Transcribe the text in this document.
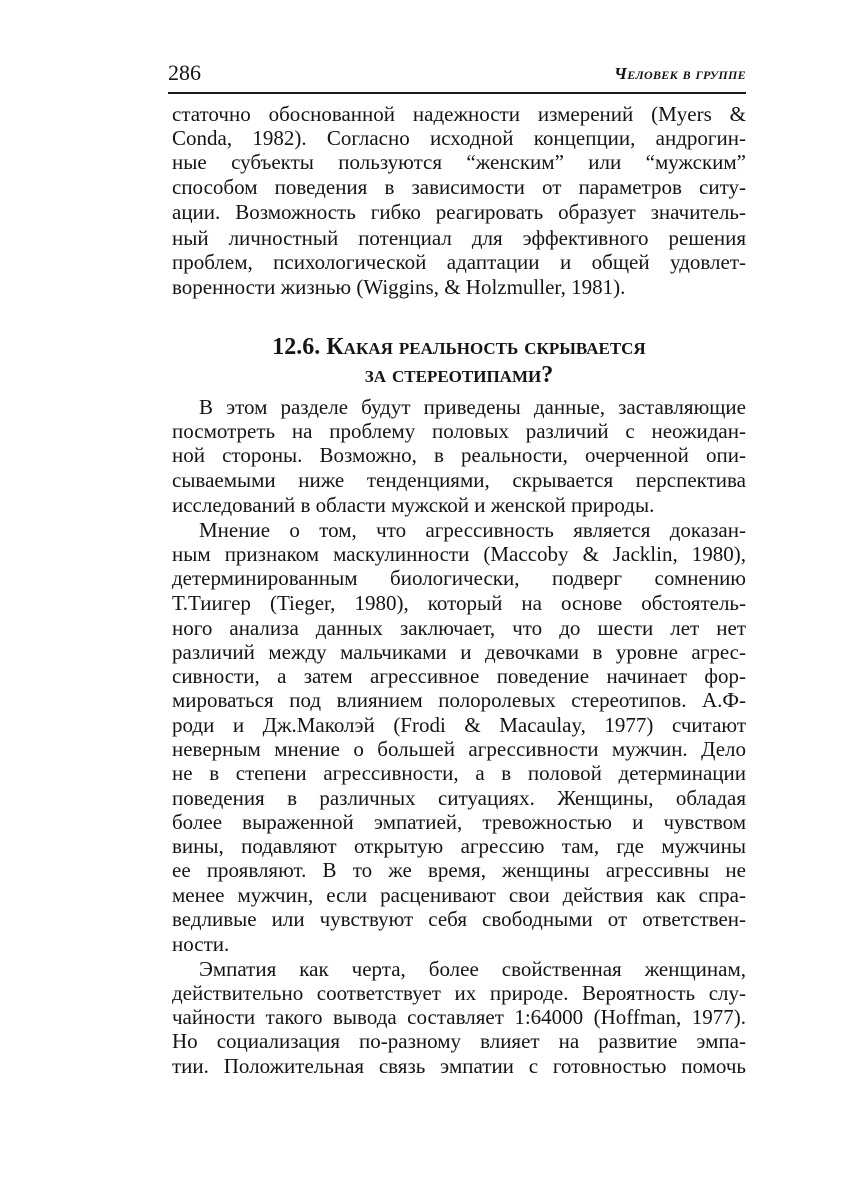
286	Человек в группе
12.6. Какая реальность скрывается
за стереотипами?
статочно обоснованной надежности измерений (Myers &
Conda, 1982). Согласно исходной концепции, андрогин-
ные субъекты пользуются “женским” или “мужским”
способом поведения в зависимости от параметров ситу-
ации. Возможность гибко реагировать образует значитель-
ный личностный потенциал для эффективного решения
проблем, психологической адаптации и общей удовлет-
воренности жизнью (Wiggins, & Holzmuller, 1981).
В этом разделе будут приведены данные, заставляющие
посмотреть на проблему половых различий с неожидан-
ной стороны. Возможно, в реальности, очерченной опи-
сываемыми ниже тенденциями, скрывается перспектива
исследований в области мужской и женской природы.
Мнение о том, что агрессивность является доказан-
ным признаком маскулинности (Maccoby & Jacklin, 1980),
детерминированным биологически, подверг сомнению
Т.Тиигер (Tieger, 1980), который на основе обстоятель-
ного анализа данных заключает, что до шести лет нет
различий между мальчиками и девочками в уровне агрес-
сивности, а затем агрессивное поведение начинает фор-
мироваться под влиянием полоролевых стереотипов. А.Ф-
роди и Дж.Маколэй (Frodi & Macaulay, 1977) считают
неверным мнение о большей агрессивности мужчин. Дело
не в степени агрессивности, а в половой детерминации
поведения в различных ситуациях. Женщины, обладая
более выраженной эмпатией, тревожностью и чувством
вины, подавляют открытую агрессию там, где мужчины
ее проявляют. В то же время, женщины агрессивны не
менее мужчин, если расценивают свои действия как спра-
ведливые или чувствуют себя свободными от ответствен-
ности.
Эмпатия как черта, более свойственная женщинам,
действительно соответствует их природе. Вероятность слу-
чайности такого вывода составляет 1:64000 (Hoffman, 1977).
Но социализация по-разному влияет на развитие эмпа-
тии. Положительная связь эмпатии с готовностью помочь
